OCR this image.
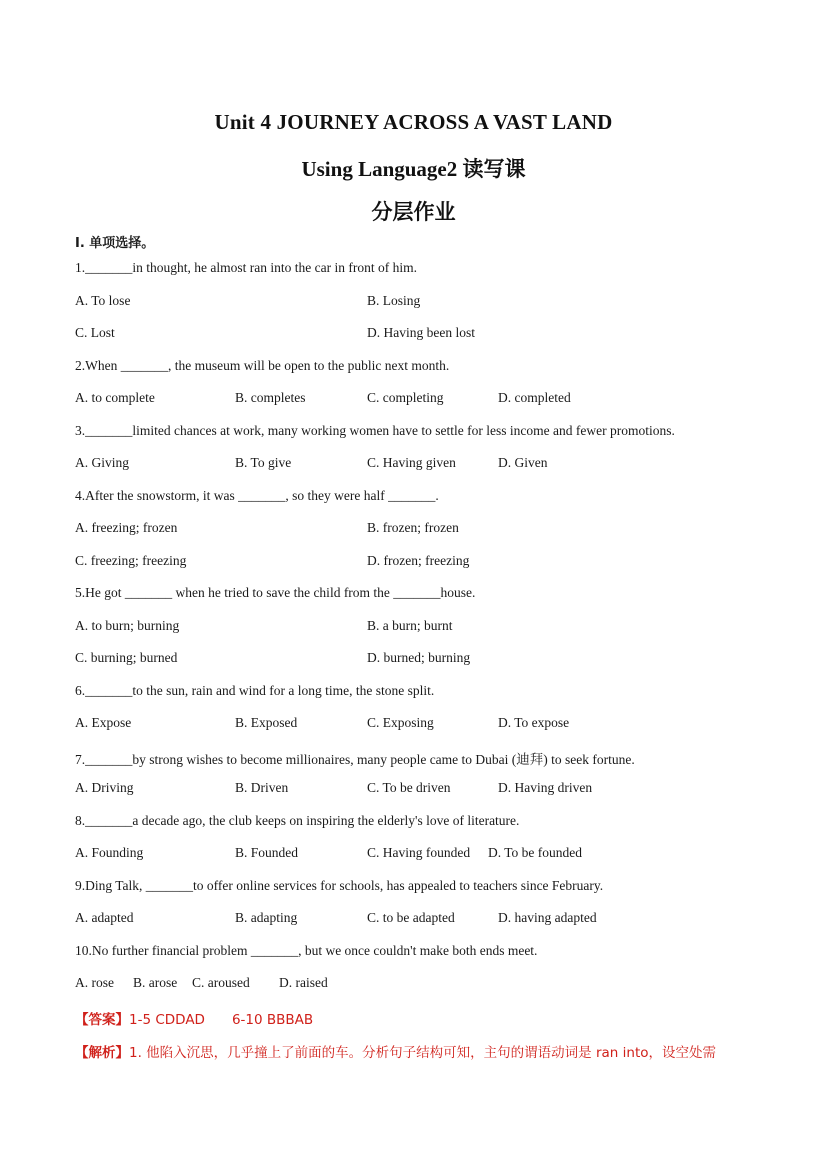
Unit 4 JOURNEY ACROSS A VAST LAND
Using Language2 读写课
分层作业
I. 单项选择。
1._______in thought, he almost ran into the car in front of him.
A. To lose	B. Losing
C. Lost	D. Having been lost
2.When _______, the museum will be open to the public next month.
A. to complete	B. completes	C. completing	D. completed
3._______limited chances at work, many working women have to settle for less income and fewer promotions.
A. Giving	B. To give	C. Having given	D. Given
4.After the snowstorm, it was _______, so they were half _______.
A. freezing; frozen	B. frozen; frozen
C. freezing; freezing	D. frozen; freezing
5.He got _______ when he tried to save the child from the _______house.
A. to burn; burning	B. a burn; burnt
C. burning; burned	D. burned; burning
6._______to the sun, rain and wind for a long time, the stone split.
A. Expose	B. Exposed	C. Exposing	D. To expose
7._______by strong wishes to become millionaires, many people came to Dubai (迪拜) to seek fortune.
A. Driving	B. Driven	C. To be driven	D. Having driven
8._______a decade ago, the club keeps on inspiring the elderly's love of literature.
A. Founding	B. Founded	C. Having founded D. To be founded
9.Ding Talk, _______to offer online services for schools, has appealed to teachers since February.
A. adapted	B. adapting	C. to be adapted	D. having adapted
10.No further financial problem _______, but we once couldn't make both ends meet.
A. rose B. arose C. aroused D. raised
【答案】1-5 CDDAD　　6-10 BBBAB
【解析】1. 他陷入沉思，几乎撞上了前面的车。分析句子结构可知，主句的谓语动词是 ran into，设空处需
